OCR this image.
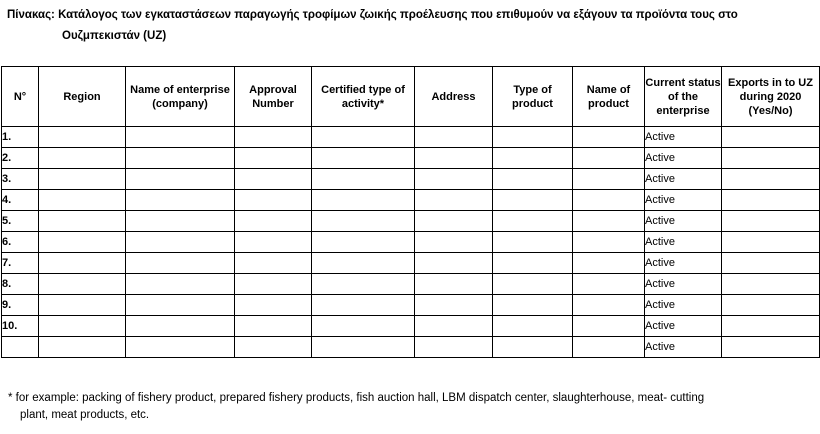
Πίνακας: Κατάλογος των εγκαταστάσεων παραγωγής τροφίμων ζωικής προέλευσης που επιθυμούν να εξάγουν τα προϊόντα τους στο
Ουζμπεκιστάν (UZ)
N°	Region	Name of enterprise (company)	Approval Number	Certified type of activity*	Address	Type of product	Name of product	Current status of the enterprise	Exports in to UZ during 2020 (Yes/No)
1.								Active	
2.								Active	
3.								Active	
4.								Active	
5.								Active	
6.								Active	
7.								Active	
8.								Active	
9.								Active	
10.								Active	
								Active	
* for example: packing of fishery product, prepared fishery products, fish auction hall, LBM dispatch center, slaughterhouse, meat- cutting
plant, meat products, etc.
